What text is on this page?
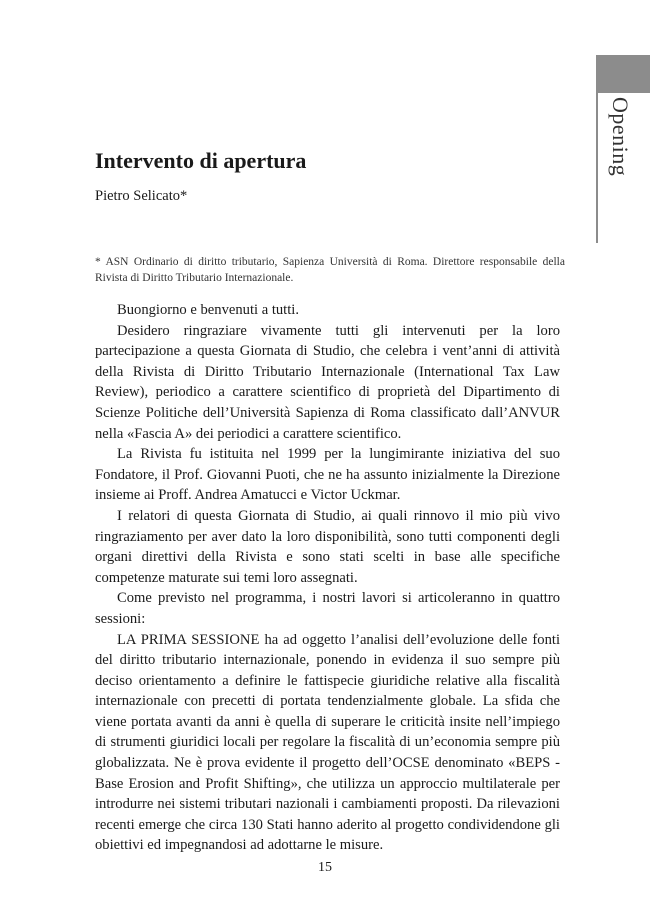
Opening
Intervento di apertura
Pietro Selicato*
* ASN Ordinario di diritto tributario, Sapienza Università di Roma. Direttore responsabile della Rivista di Diritto Tributario Internazionale.

Buongiorno e benvenuti a tutti.

Desidero ringraziare vivamente tutti gli intervenuti per la loro partecipazione a questa Giornata di Studio, che celebra i vent’anni di attività della Rivista di Diritto Tributario Internazionale (International Tax Law Review), periodico a carattere scientifico di proprietà del Dipartimento di Scienze Politiche dell’Università Sapienza di Roma classificato dall’ANVUR nella «Fascia A» dei periodici a carattere scientifico.

La Rivista fu istituita nel 1999 per la lungimirante iniziativa del suo Fondatore, il Prof. Giovanni Puoti, che ne ha assunto inizialmente la Direzione insieme ai Proff. Andrea Amatucci e Victor Uckmar.

I relatori di questa Giornata di Studio, ai quali rinnovo il mio più vivo ringraziamento per aver dato la loro disponibilità, sono tutti componenti degli organi direttivi della Rivista e sono stati scelti in base alle specifiche competenze maturate sui temi loro assegnati.

Come previsto nel programma, i nostri lavori si articoleranno in quattro sessioni:

LA PRIMA SESSIONE ha ad oggetto l’analisi dell’evoluzione delle fonti del diritto tributario internazionale, ponendo in evidenza il suo sempre più deciso orientamento a definire le fattispecie giuridiche relative alla fiscalità internazionale con precetti di portata tendenzialmente globale. La sfida che viene portata avanti da anni è quella di superare le criticità insite nell’impiego di strumenti giuridici locali per regolare la fiscalità di un’economia sempre più globalizzata. Ne è prova evidente il progetto dell’OCSE denominato «BEPS - Base Erosion and Profit Shifting», che utilizza un approccio multilaterale per introdurre nei sistemi tributari nazionali i cambiamenti proposti. Da rilevazioni recenti emerge che circa 130 Stati hanno aderito al progetto condividendone gli obiettivi ed impegnandosi ad adottarne le misure.

15
